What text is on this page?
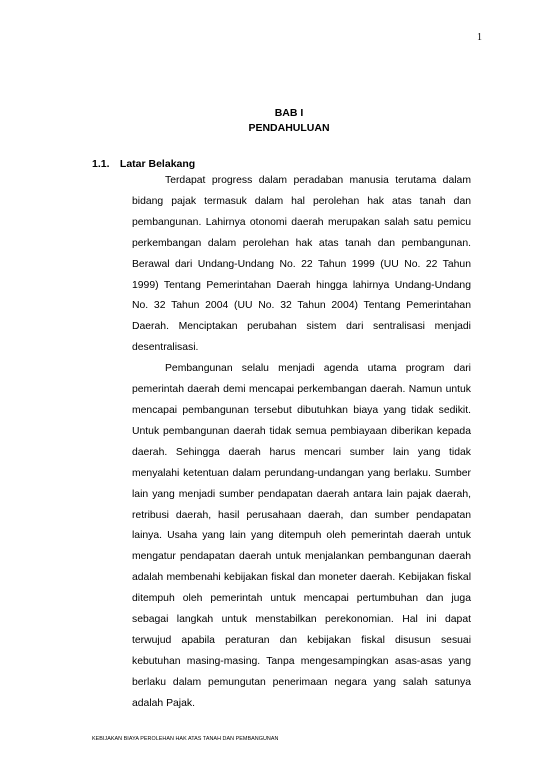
1
BAB I
PENDAHULUAN
1.1. Latar Belakang

Terdapat progress dalam peradaban manusia terutama dalam bidang pajak termasuk dalam hal perolehan hak atas tanah dan pembangunan. Lahirnya otonomi daerah merupakan salah satu pemicu perkembangan dalam perolehan hak atas tanah dan pembangunan. Berawal dari Undang-Undang No. 22 Tahun 1999 (UU No. 22 Tahun 1999) Tentang Pemerintahan Daerah hingga lahirnya Undang-Undang No. 32 Tahun 2004 (UU No. 32 Tahun 2004) Tentang Pemerintahan Daerah. Menciptakan perubahan sistem dari sentralisasi menjadi desentralisasi.

Pembangunan selalu menjadi agenda utama program dari pemerintah daerah demi mencapai perkembangan daerah. Namun untuk mencapai pembangunan tersebut dibutuhkan biaya yang tidak sedikit. Untuk pembangunan daerah tidak semua pembiayaan diberikan kepada daerah. Sehingga daerah harus mencari sumber lain yang tidak menyalahi ketentuan dalam perundang-undangan yang berlaku. Sumber lain yang menjadi sumber pendapatan daerah antara lain pajak daerah, retribusi daerah, hasil perusahaan daerah, dan sumber pendapatan lainya. Usaha yang lain yang ditempuh oleh pemerintah daerah untuk mengatur pendapatan daerah untuk menjalankan pembangunan daerah adalah membenahi kebijakan fiskal dan moneter daerah. Kebijakan fiskal ditempuh oleh pemerintah untuk mencapai pertumbuhan dan juga sebagai langkah untuk menstabilkan perekonomian. Hal ini dapat terwujud apabila peraturan dan kebijakan fiskal disusun sesuai kebutuhan masing-masing. Tanpa mengesampingkan asas-asas yang berlaku dalam pemungutan penerimaan negara yang salah satunya adalah Pajak.

KEBIJAKAN BIAYA PEROLEHAN HAK ATAS TANAH DAN PEMBANGUNAN
